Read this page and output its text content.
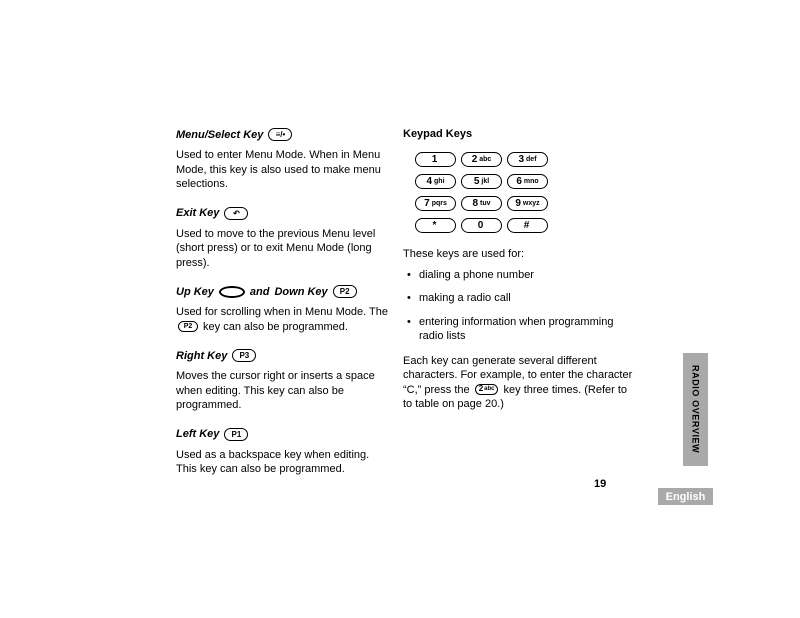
Menu/Select Key	≡/•

Used to enter Menu Mode. When in Menu Mode, this key is also used to make menu selections.

Exit Key	↶

Used to move to the previous Menu level (short press) or to exit Menu Mode (long press).

Up Key	and Down Key	P2

Used for scrolling when in Menu Mode. The P2 key can also be programmed.

Right Key	P3

Moves the cursor right or inserts a space when editing. This key can also be programmed.

Left Key	P1

Used as a backspace key when editing. This key can also be programmed.

Keypad Keys
1	2 abc	3 def
4 ghi	5 jkl	6 mno
7 pqrs	8 tuv 9 wxyz
*	0	#

These keys are used for:

• dialing a phone number
• making a radio call
• entering information when programming radio lists

Each key can generate several different characters. For example, to enter the character “C,” press the 2 abc key three times. (Refer to to table on page 20.)	RADIO OVERVIEW
19
English
